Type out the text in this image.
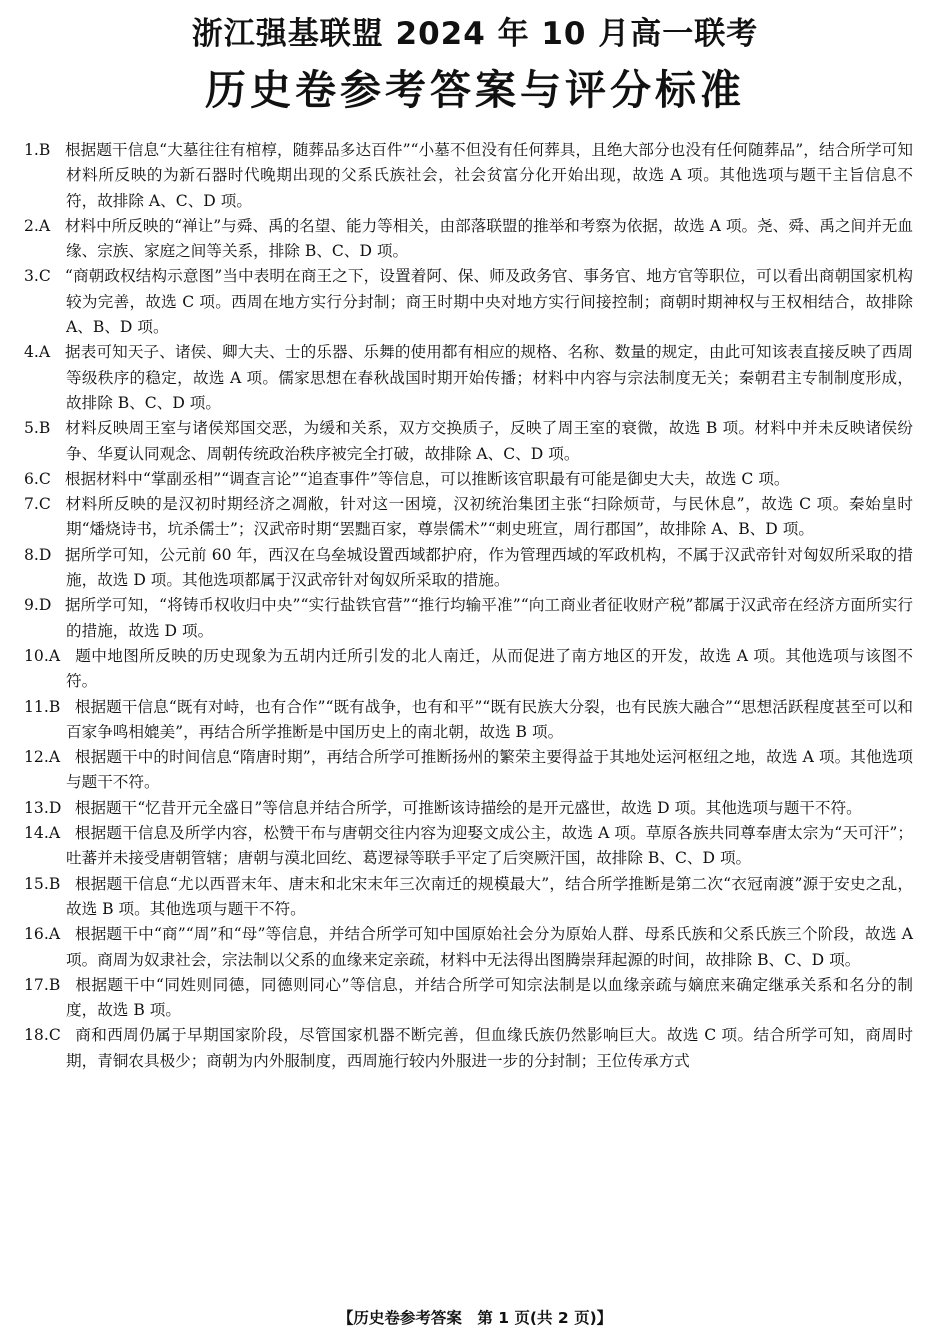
浙江强基联盟 2024 年 10 月高一联考
历史卷参考答案与评分标准
1.B 根据题干信息“大墓往往有棺椁，随葬品多达百件”“小墓不但没有任何葬具，且绝大部分也没有任何随葬品”，结合所学可知材料所反映的为新石器时代晚期出现的父系氏族社会，社会贫富分化开始出现，故选 A 项。其他选项与题干主旨信息不符，故排除 A、C、D 项。
2.A 材料中所反映的“禅让”与舜、禹的名望、能力等相关，由部落联盟的推举和考察为依据，故选 A 项。尧、舜、禹之间并无血缘、宗族、家庭之间等关系，排除 B、C、D 项。
3.C “商朝政权结构示意图”当中表明在商王之下，设置着阿、保、师及政务官、事务官、地方官等职位，可以看出商朝国家机构较为完善，故选 C 项。西周在地方实行分封制；商王时期中央对地方实行间接控制；商朝时期神权与王权相结合，故排除 A、B、D 项。
4.A 据表可知天子、诸侯、卿大夫、士的乐器、乐舞的使用都有相应的规格、名称、数量的规定，由此可知该表直接反映了西周等级秩序的稳定，故选 A 项。儒家思想在春秋战国时期开始传播；材料中内容与宗法制度无关；秦朝君主专制制度形成，故排除 B、C、D 项。
5.B 材料反映周王室与诸侯郑国交恶，为缓和关系，双方交换质子，反映了周王室的衰微，故选 B 项。材料中并未反映诸侯纷争、华夏认同观念、周朝传统政治秩序被完全打破，故排除 A、C、D 项。
6.C 根据材料中“掌副丞相”“调查言论”“追查事件”等信息，可以推断该官职最有可能是御史大夫，故选 C 项。
7.C 材料所反映的是汉初时期经济之凋敝，针对这一困境，汉初统治集团主张“扫除烦苛，与民休息”，故选 C 项。秦始皇时期“燔烧诗书，坑杀儒士”；汉武帝时期“罢黜百家，尊崇儒术”“刺史班宣，周行郡国”，故排除 A、B、D 项。
8.D 据所学可知，公元前 60 年，西汉在乌垒城设置西域都护府，作为管理西域的军政机构，不属于汉武帝针对匈奴所采取的措施，故选 D 项。其他选项都属于汉武帝针对匈奴所采取的措施。
9.D 据所学可知，“将铸币权收归中央”“实行盐铁官营”“推行均输平准”“向工商业者征收财产税”都属于汉武帝在经济方面所实行的措施，故选 D 项。
10.A 题中地图所反映的历史现象为五胡内迁所引发的北人南迁，从而促进了南方地区的开发，故选 A 项。其他选项与该图不符。
11.B 根据题干信息“既有对峙，也有合作”“既有战争，也有和平”“既有民族大分裂，也有民族大融合”“思想活跃程度甚至可以和百家争鸣相媲美”，再结合所学推断是中国历史上的南北朝，故选 B 项。
12.A 根据题干中的时间信息“隋唐时期”，再结合所学可推断扬州的繁荣主要得益于其地处运河枢纽之地，故选 A 项。其他选项与题干不符。
13.D 根据题干“忆昔开元全盛日”等信息并结合所学，可推断该诗描绘的是开元盛世，故选 D 项。其他选项与题干不符。
14.A 根据题干信息及所学内容，松赞干布与唐朝交往内容为迎娶文成公主，故选 A 项。草原各族共同尊奉唐太宗为“天可汗”；吐蕃并未接受唐朝管辖；唐朝与漠北回纥、葛逻禄等联手平定了后突厥汗国，故排除 B、C、D 项。
15.B 根据题干信息“尤以西晋末年、唐末和北宋末年三次南迁的规模最大”，结合所学推断是第二次“衣冠南渡”源于安史之乱，故选 B 项。其他选项与题干不符。
16.A 根据题干中“商”“周”和“母”等信息，并结合所学可知中国原始社会分为原始人群、母系氏族和父系氏族三个阶段，故选 A 项。商周为奴隶社会，宗法制以父系的血缘来定亲疏，材料中无法得出图腾崇拜起源的时间，故排除 B、C、D 项。
17.B 根据题干中“同姓则同德，同德则同心”等信息，并结合所学可知宗法制是以血缘亲疏与嫡庶来确定继承关系和名分的制度，故选 B 项。
18.C 商和西周仍属于早期国家阶段，尽管国家机器不断完善，但血缘氏族仍然影响巨大。故选 C 项。结合所学可知，商周时期，青铜农具极少；商朝为内外服制度，西周施行较内外服进一步的分封制；王位传承方式
【历史卷参考答案　第 1 页(共 2 页)】
